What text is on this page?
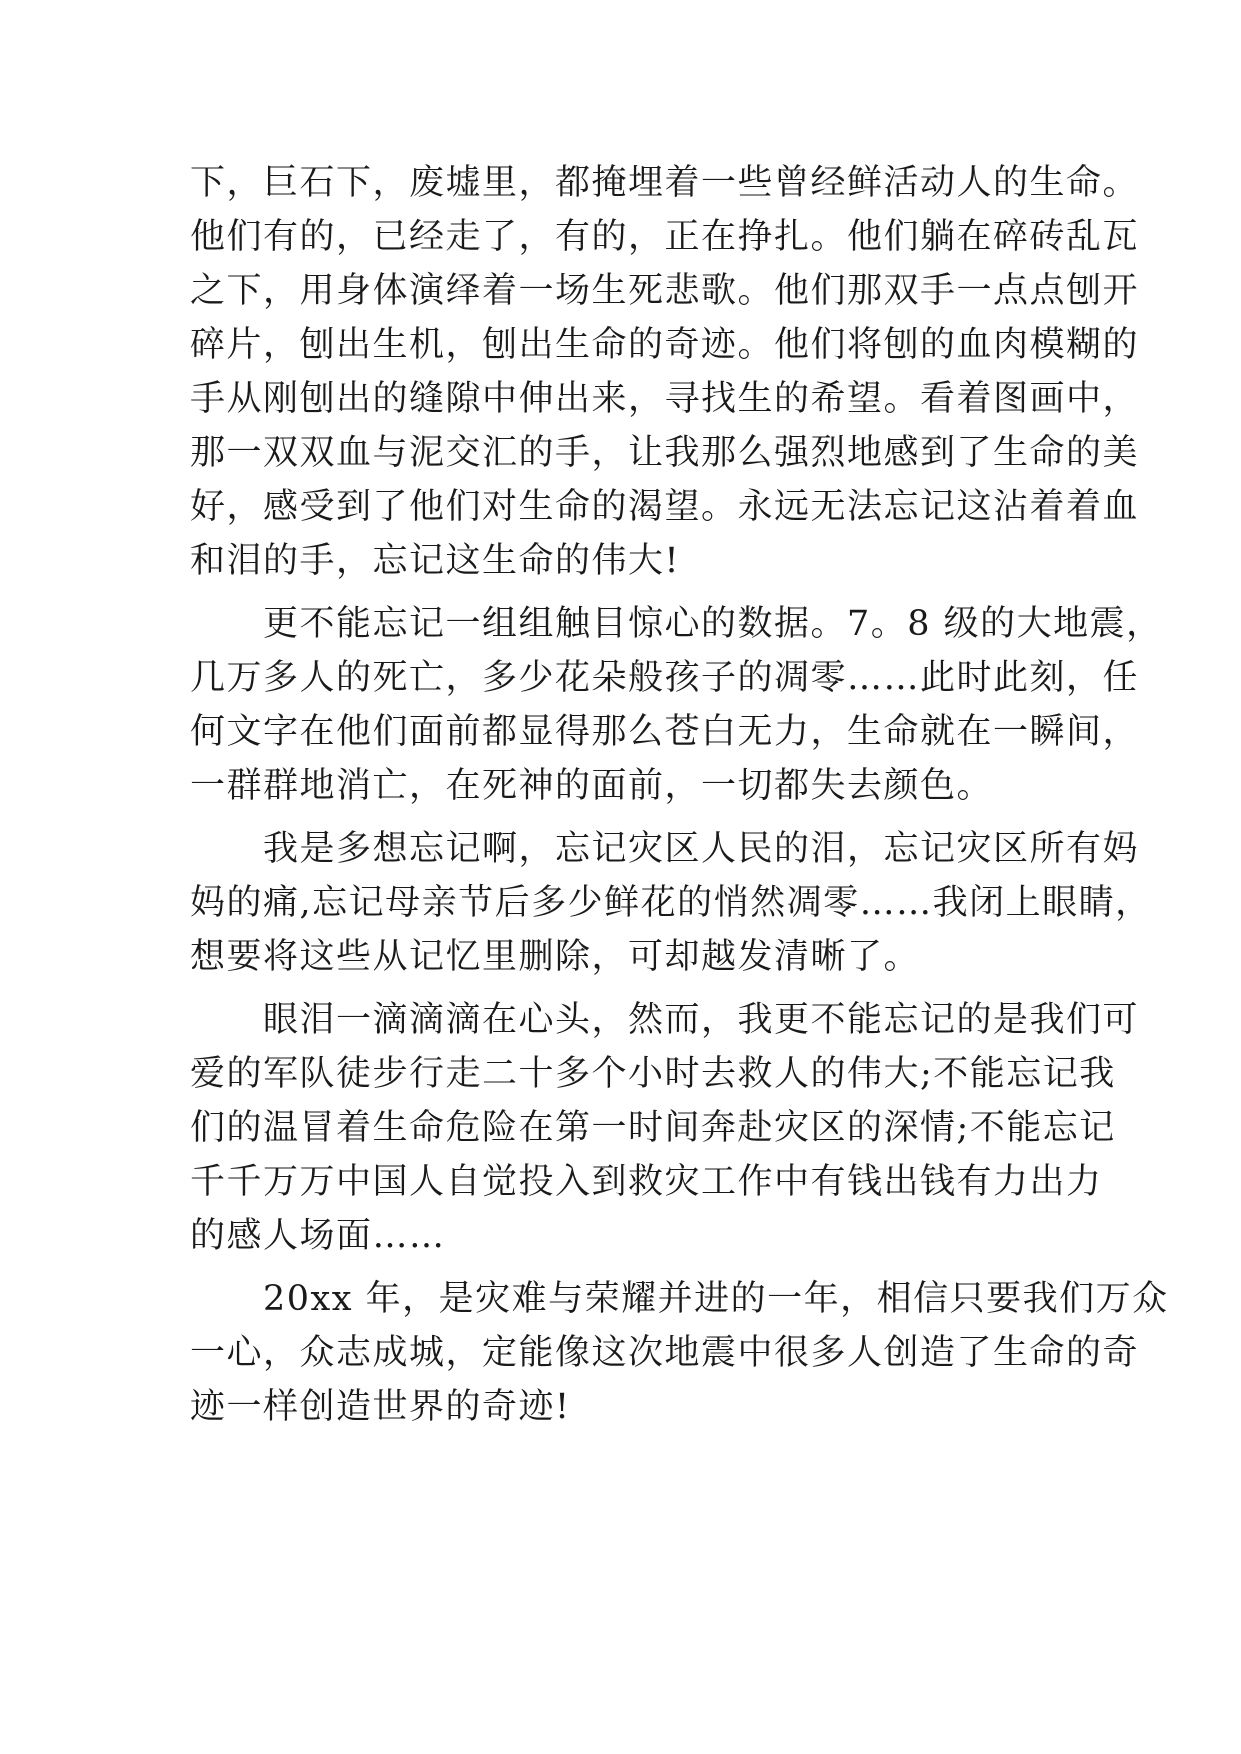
下，巨石下，废墟里，都掩埋着一些曾经鲜活动人的生命。
他们有的，已经走了，有的，正在挣扎。他们躺在碎砖乱瓦
之下，用身体演绎着一场生死悲歌。他们那双手一点点刨开
碎片，刨出生机，刨出生命的奇迹。他们将刨的血肉模糊的
手从刚刨出的缝隙中伸出来，寻找生的希望。看着图画中，
那一双双血与泥交汇的手，让我那么强烈地感到了生命的美
好，感受到了他们对生命的渴望。永远无法忘记这沾着着血
和泪的手，忘记这生命的伟大!
　　更不能忘记一组组触目惊心的数据。7。8 级的大地震，
几万多人的死亡，多少花朵般孩子的凋零……此时此刻，任
何文字在他们面前都显得那么苍白无力，生命就在一瞬间，
一群群地消亡，在死神的面前，一切都失去颜色。
　　我是多想忘记啊，忘记灾区人民的泪，忘记灾区所有妈
妈的痛,忘记母亲节后多少鲜花的悄然凋零……我闭上眼睛，
想要将这些从记忆里删除，可却越发清晰了。
　　眼泪一滴滴滴在心头，然而，我更不能忘记的是我们可
爱的军队徒步行走二十多个小时去救人的伟大;不能忘记我
们的温冒着生命危险在第一时间奔赴灾区的深情;不能忘记
千千万万中国人自觉投入到救灾工作中有钱出钱有力出力
的感人场面……
　　20xx 年，是灾难与荣耀并进的一年，相信只要我们万众
一心，众志成城，定能像这次地震中很多人创造了生命的奇
迹一样创造世界的奇迹!
